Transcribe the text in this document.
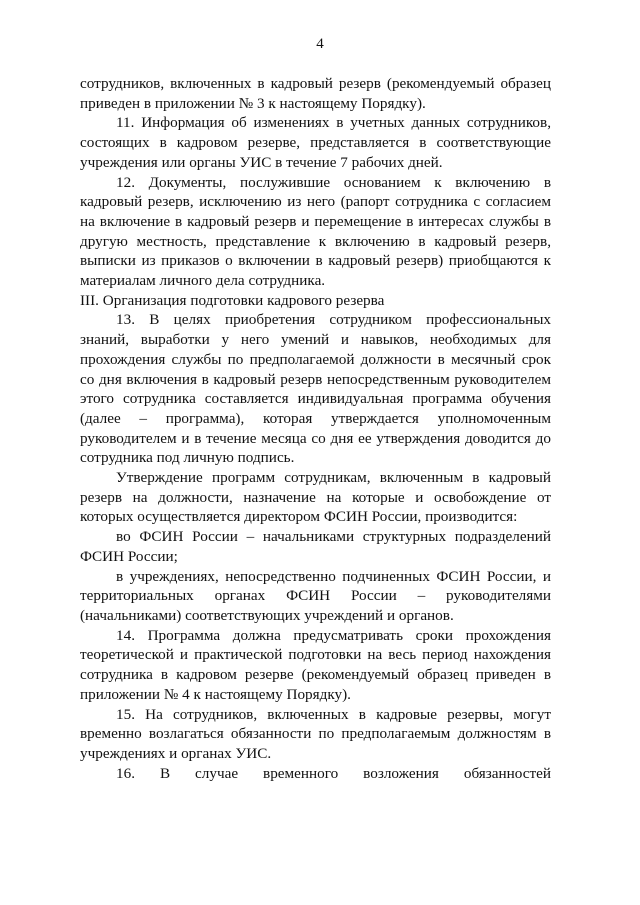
4

сотрудников, включенных в кадровый резерв (рекомендуемый образец приведен в приложении № 3 к настоящему Порядку).

11. Информация об изменениях в учетных данных сотрудников, состоящих в кадровом резерве, представляется в соответствующие учреждения или органы УИС в течение 7 рабочих дней.

12. Документы, послужившие основанием к включению в кадровый резерв, исключению из него (рапорт сотрудника с согласием на включение в кадровый резерв и перемещение в интересах службы в другую местность, представление к включению в кадровый резерв, выписки из приказов о включении в кадровый резерв) приобщаются к материалам личного дела сотрудника.

III. Организация подготовки кадрового резерва

13. В целях приобретения сотрудником профессиональных знаний, выработки у него умений и навыков, необходимых для прохождения службы по предполагаемой должности в месячный срок со дня включения в кадровый резерв непосредственным руководителем этого сотрудника составляется индивидуальная программа обучения (далее – программа), которая утверждается уполномоченным руководителем и в течение месяца со дня ее утверждения доводится до сотрудника под личную подпись.

Утверждение программ сотрудникам, включенным в кадровый резерв на должности, назначение на которые и освобождение от которых осуществляется директором ФСИН России, производится:

во ФСИН России – начальниками структурных подразделений ФСИН России;

в учреждениях, непосредственно подчиненных ФСИН России, и территориальных органах ФСИН России – руководителями (начальниками) соответствующих учреждений и органов.

14. Программа должна предусматривать сроки прохождения теоретической и практической подготовки на весь период нахождения сотрудника в кадровом резерве (рекомендуемый образец приведен в приложении № 4 к настоящему Порядку).

15. На сотрудников, включенных в кадровые резервы, могут временно возлагаться обязанности по предполагаемым должностям в учреждениях и органах УИС.

16. В случае временного возложения обязанностей
